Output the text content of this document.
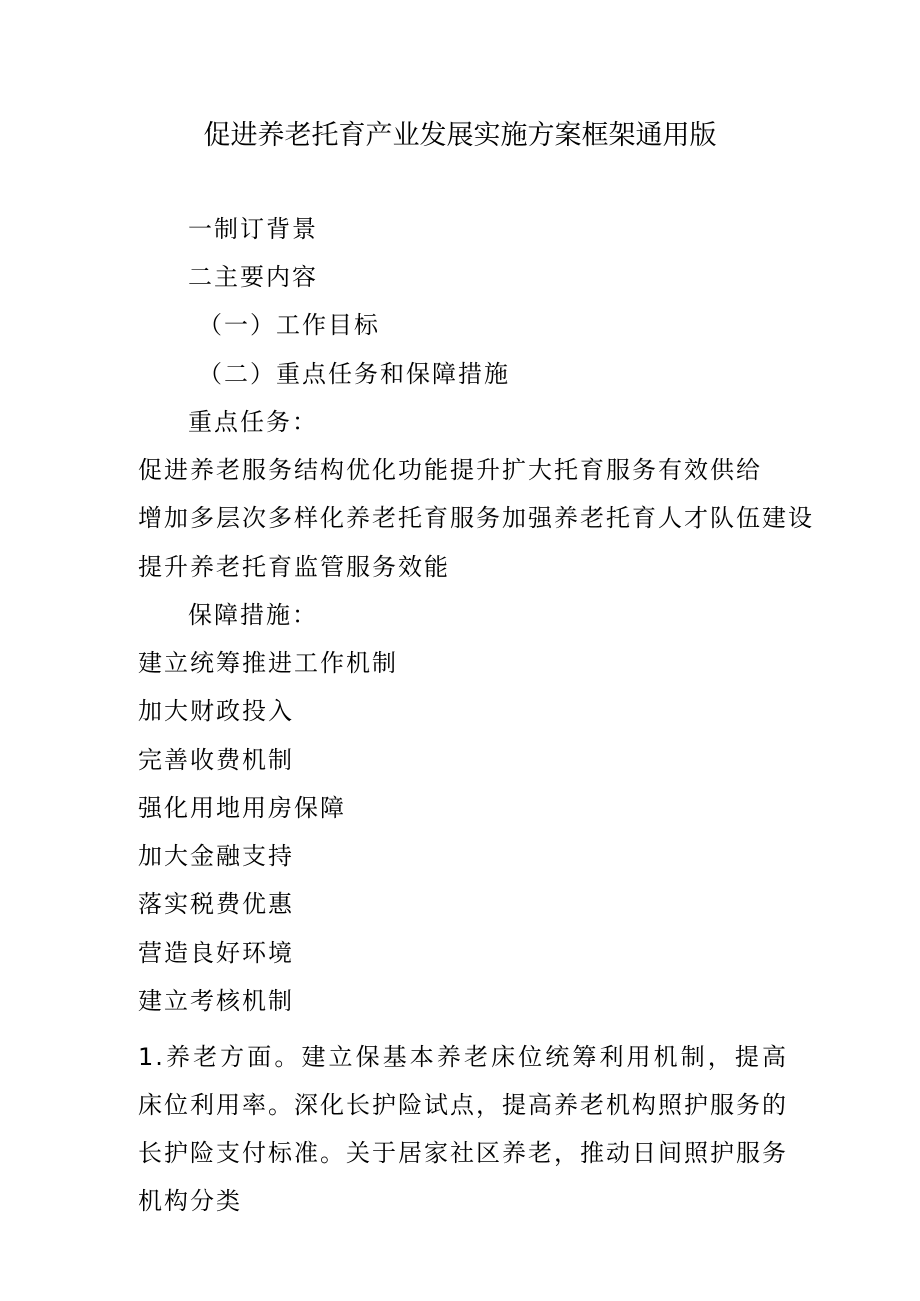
促进养老托育产业发展实施方案框架通用版
一制订背景
二主要内容
（一）工作目标
（二）重点任务和保障措施
重点任务：
促进养老服务结构优化功能提升扩大托育服务有效供给
增加多层次多样化养老托育服务加强养老托育人才队伍建设
提升养老托育监管服务效能
保障措施：
建立统筹推进工作机制
加大财政投入
完善收费机制
强化用地用房保障
加大金融支持
落实税费优惠
营造良好环境
建立考核机制
1.养老方面。建立保基本养老床位统筹利用机制，提高床位利用率。深化长护险试点，提高养老机构照护服务的长护险支付标准。关于居家社区养老，推动日间照护服务机构分类
